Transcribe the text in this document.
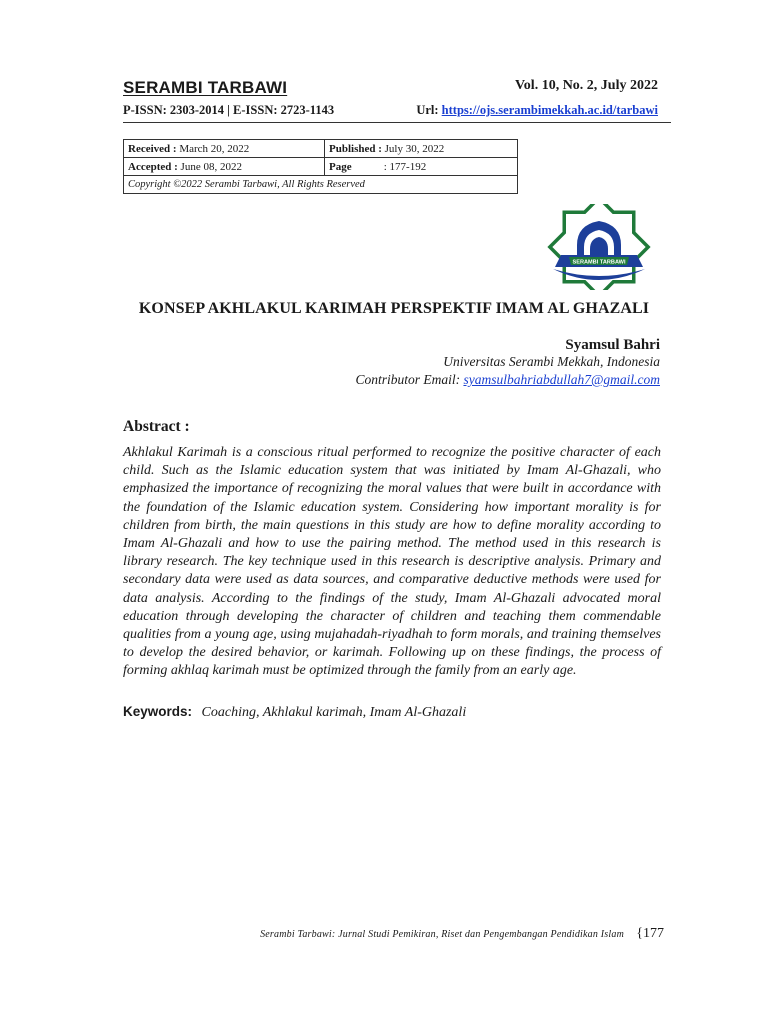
SERAMBI TARBAWI	Vol. 10, No. 2, July 2022
P-ISSN: 2303-2014 | E-ISSN: 2723-1143	Url: https://ojs.serambimekkah.ac.id/tarbawi
Received : March 20, 2022	Published : July 30, 2022
Accepted : June 08, 2022	Page : 177-192
Copyright ©2022 Serambi Tarbawi, All Rights Reserved	
SERAMBI TARBAWI
KONSEP AKHLAKUL KARIMAH PERSPEKTIF IMAM AL GHAZALI
Syamsul Bahri
Universitas Serambi Mekkah, Indonesia
Contributor Email: syamsulbahriabdullah7@gmail.com
Abstract :
Akhlakul Karimah is a conscious ritual performed to recognize the positive character of each child. Such as the Islamic education system that was initiated by Imam Al-Ghazali, who emphasized the importance of recognizing the moral values that were built in accordance with the foundation of the Islamic education system. Considering how important morality is for children from birth, the main questions in this study are how to define morality according to Imam Al-Ghazali and how to use the pairing method. The method used in this research is library research. The key technique used in this research is descriptive analysis. Primary and secondary data were used as data sources, and comparative deductive methods were used for data analysis. According to the findings of the study, Imam Al-Ghazali advocated moral education through developing the character of children and teaching them commendable qualities from a young age, using mujahadah-riyadhah to form morals, and training themselves to develop the desired behavior, or karimah. Following up on these findings, the process of forming akhlaq karimah must be optimized through the family from an early age.
Keywords: Coaching, Akhlakul karimah, Imam Al-Ghazali
Serambi Tarbawi: Jurnal Studi Pemikiran, Riset dan Pengembangan Pendidikan Islam {177
